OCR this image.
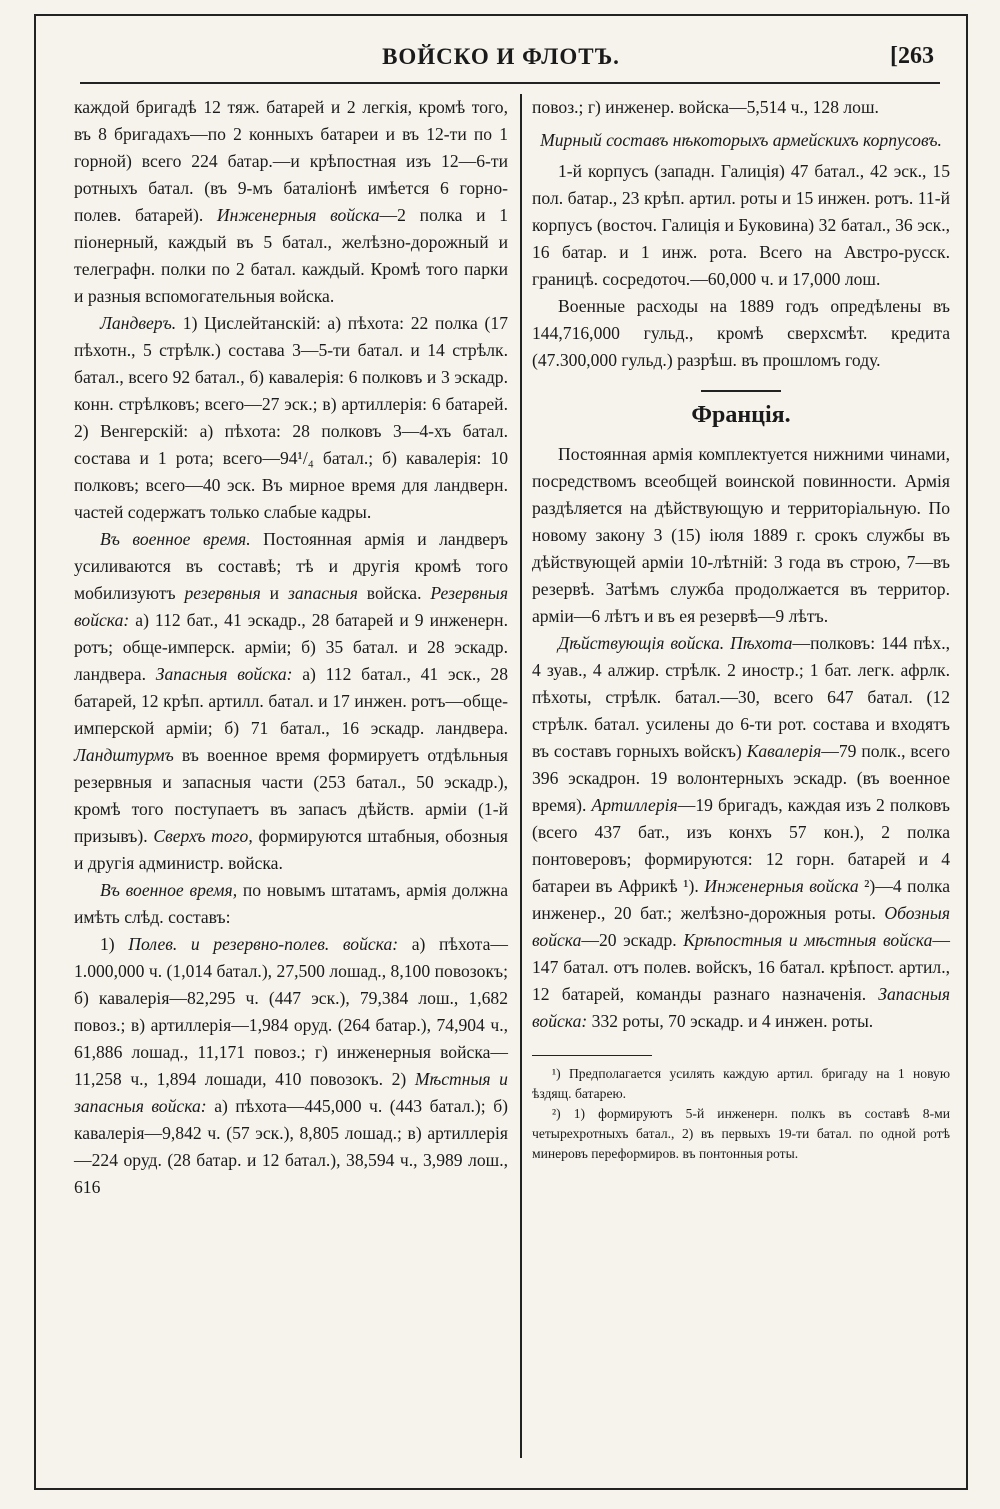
ВОЙСКО И ФЛОТЪ.	[263

каждой бригадѣ 12 тяж. батарей и 2 легкія, кромѣ того, въ 8 бригадахъ—по 2 конныхъ батареи и въ 12-ти по 1 горной) всего 224 батар.—и крѣпостная изъ 12—6-ти ротныхъ батал. (въ 9-мъ баталіонѣ имѣется 6 горно-полев. батарей). Инженерныя войска—2 полка и 1 піонерный, каждый въ 5 батал., желѣзно-дорожный и телеграфн. полки по 2 батал. каждый. Кромѣ того парки и разныя вспомогательныя войска.

Ландверъ. 1) Цислейтанскій: а) пѣхота: 22 полка (17 пѣхотн., 5 стрѣлк.) состава 3—5-ти батал. и 14 стрѣлк. батал., всего 92 батал., б) кавалерія: 6 полковъ и 3 эскадр. конн. стрѣлковъ; всего—27 эск.; в) артиллерія: 6 батарей. 2) Венгерскій: а) пѣхота: 28 полковъ 3—4-хъ батал. состава и 1 рота; всего—94¹/₄ батал.; б) кавалерія: 10 полковъ; всего—40 эск. Въ мирное время для ландверн. частей содержатъ только слабые кадры.

Въ военное время. Постоянная армія и ландверъ усиливаются въ составѣ; тѣ и другія кромѣ того мобилизуютъ резервныя и запасныя войска. Резервныя войска: а) 112 бат., 41 эскадр., 28 батарей и 9 инженерн. ротъ; обще-имперск. арміи; б) 35 батал. и 28 эскадр. ландвера. Запасныя войска: а) 112 батал., 41 эск., 28 батарей, 12 крѣп. артилл. батал. и 17 инжен. ротъ—обще-имперской арміи; б) 71 батал., 16 эскадр. ландвера. Ландштурмъ въ военное время формируетъ отдѣльныя резервныя и запасныя части (253 батал., 50 эскадр.), кромѣ того поступаетъ въ запасъ дѣйств. арміи (1-й призывъ). Сверхъ того, формируются штабныя, обозныя и другія администр. войска.

Въ военное время, по новымъ штатамъ, армія должна имѣть слѣд. составъ:

1) Полев. и резервно-полев. войска: а) пѣхота—1.000,000 ч. (1,014 батал.), 27,500 лошад., 8,100 повозокъ; б) кавалерія—82,295 ч. (447 эск.), 79,384 лош., 1,682 повоз.; в) артиллерія—1,984 оруд. (264 батар.), 74,904 ч., 61,886 лошад., 11,171 повоз.; г) инженерныя войска—11,258 ч., 1,894 лошади, 410 повозокъ. 2) Мѣстныя и запасныя войска: а) пѣхота—445,000 ч. (443 батал.); б) кавалерія—9,842 ч. (57 эск.), 8,805 лошад.; в) артиллерія—224 оруд. (28 батар. и 12 батал.), 38,594 ч., 3,989 лош., 616

повоз.; г) инженер. войска—5,514 ч., 128 лош.

Мирный составъ нѣкоторыхъ армейскихъ корпусовъ.

1-й корпусъ (западн. Галиція) 47 батал., 42 эск., 15 пол. батар., 23 крѣп. артил. роты и 15 инжен. ротъ. 11-й корпусъ (восточ. Галиція и Буковина) 32 батал., 36 эск., 16 батар. и 1 инж. рота. Всего на Австро-русск. границѣ. сосредоточ.—60,000 ч. и 17,000 лош.

Военные расходы на 1889 годъ опредѣлены въ 144,716,000 гульд., кромѣ сверхсмѣт. кредита (47.300,000 гульд.) разрѣш. въ прошломъ году.

Франція.

Постоянная армія комплектуется нижними чинами, посредствомъ всеобщей воинской повинности. Армія раздѣляется на дѣйствующую и территоріальную. По новому закону 3 (15) іюля 1889 г. срокъ службы въ дѣйствующей арміи 10-лѣтній: 3 года въ строю, 7—въ резервѣ. Затѣмъ служба продолжается въ территор. арміи—6 лѣтъ и въ ея резервѣ—9 лѣтъ.

Дѣйствующія войска. Пѣхота—полковъ: 144 пѣх., 4 зуав., 4 алжир. стрѣлк. 2 иностр.; 1 бат. легк. афрлк. пѣхоты, стрѣлк. батал.—30, всего 647 батал. (12 стрѣлк. батал. усилены до 6-ти рот. состава и входятъ въ составъ горныхъ войскъ) Кавалерія—79 полк., всего 396 эскадрон. 19 волонтерныхъ эскадр. (въ военное время). Артиллерія—19 бригадъ, каждая изъ 2 полковъ (всего 437 бат., изъ конхъ 57 кон.), 2 полка понтоверовъ; формируются: 12 горн. батарей и 4 батареи въ Африкѣ ¹). Инженерныя войска ²)—4 полка инженер., 20 бат.; желѣзно-дорожныя роты. Обозныя войска—20 эскадр. Крѣпостныя и мѣстныя войска—147 батал. отъ полев. войскъ, 16 батал. крѣпост. артил., 12 батарей, команды разнаго назначенія. Запасныя войска: 332 роты, 70 эскадр. и 4 инжен. роты.

¹) Предполагается усилять каждую артил. бригаду на 1 новую ѣздящ. батарею.

²) 1) формируютъ 5-й инженерн. полкъ въ составѣ 8-ми четырехротныхъ батал., 2) въ первыхъ 19-ти батал. по одной ротѣ минеровъ переформиров. въ понтонныя роты.
